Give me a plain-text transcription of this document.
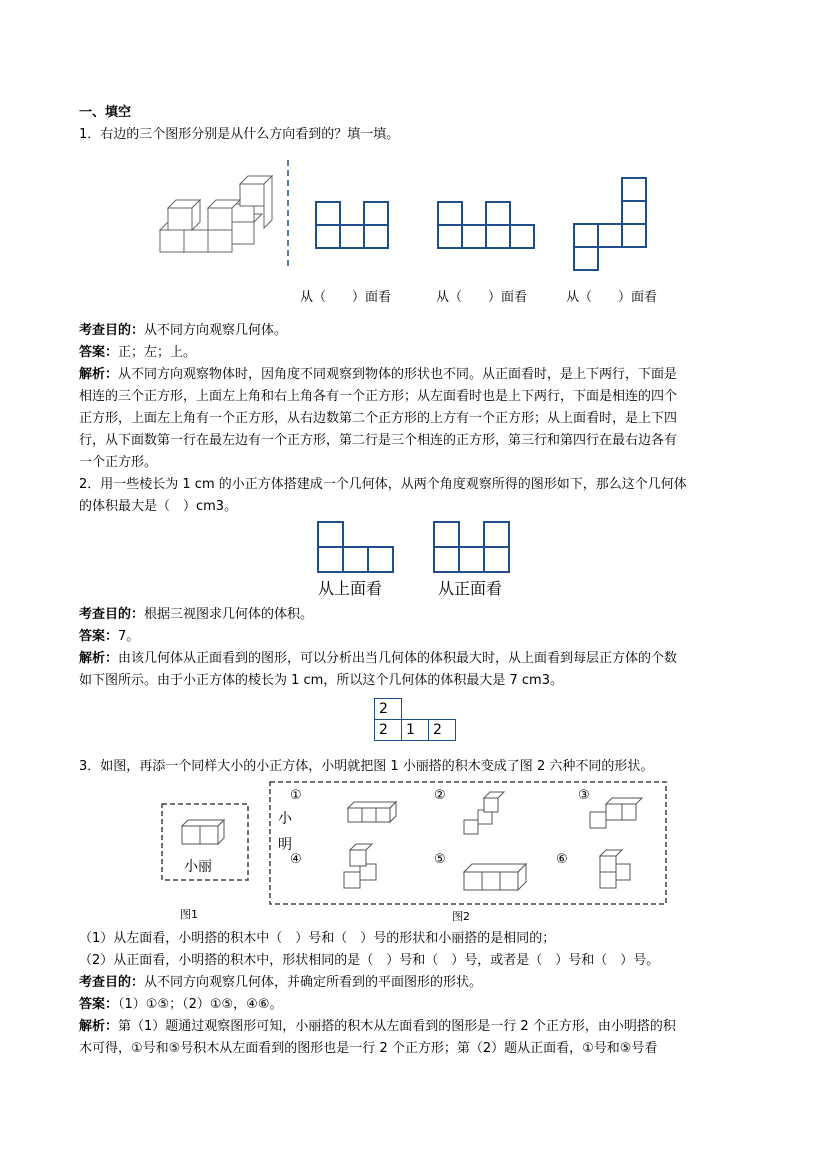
一、填空
1．右边的三个图形分别是从什么方向看到的？填一填。
从（　　）面看	从（　　）面看	从（　　）面看
考查目的：从不同方向观察几何体。
答案：正；左；上。
解析：从不同方向观察物体时，因角度不同观察到物体的形状也不同。从正面看时，是上下两行，下面是
相连的三个正方形，上面左上角和右上角各有一个正方形；从左面看时也是上下两行，下面是相连的四个
正方形，上面左上角有一个正方形，从右边数第二个正方形的上方有一个正方形；从上面看时，是上下四
行，从下面数第一行在最左边有一个正方形，第二行是三个相连的正方形，第三行和第四行在最右边各有
一个正方形。
2．用一些棱长为 1 cm 的小正方体搭建成一个几何体，从两个角度观察所得的图形如下，那么这个几何体
的体积最大是（　）cm3。
从上面看	从正面看
考查目的：根据三视图求几何体的体积。
答案：7。
解析：由该几何体从正面看到的图形，可以分析出当几何体的体积最大时，从上面看到每层正方体的个数
如下图所示。由于小正方体的棱长为 1 cm，所以这个几何体的体积最大是 7 cm3。
2		
2	1	2
3．如图，再添一个同样大小的小正方体，小明就把图 1 小丽搭的积木变成了图 2 六种不同的形状。
小丽
小
明
①	②	③
④	⑤	⑥
图1	图2
（1）从左面看，小明搭的积木中（　）号和（　）号的形状和小丽搭的是相同的；
（2）从正面看，小明搭的积木中，形状相同的是（　）号和（　）号，或者是（　）号和（　）号。
考查目的：从不同方向观察几何体，并确定所看到的平面图形的形状。
答案：（1）①⑤；（2）①⑤，④⑥。
解析：第（1）题通过观察图形可知，小丽搭的积木从左面看到的图形是一行 2 个正方形，由小明搭的积
木可得，①号和⑤号积木从左面看到的图形也是一行 2 个正方形；第（2）题从正面看，①号和⑤号看
